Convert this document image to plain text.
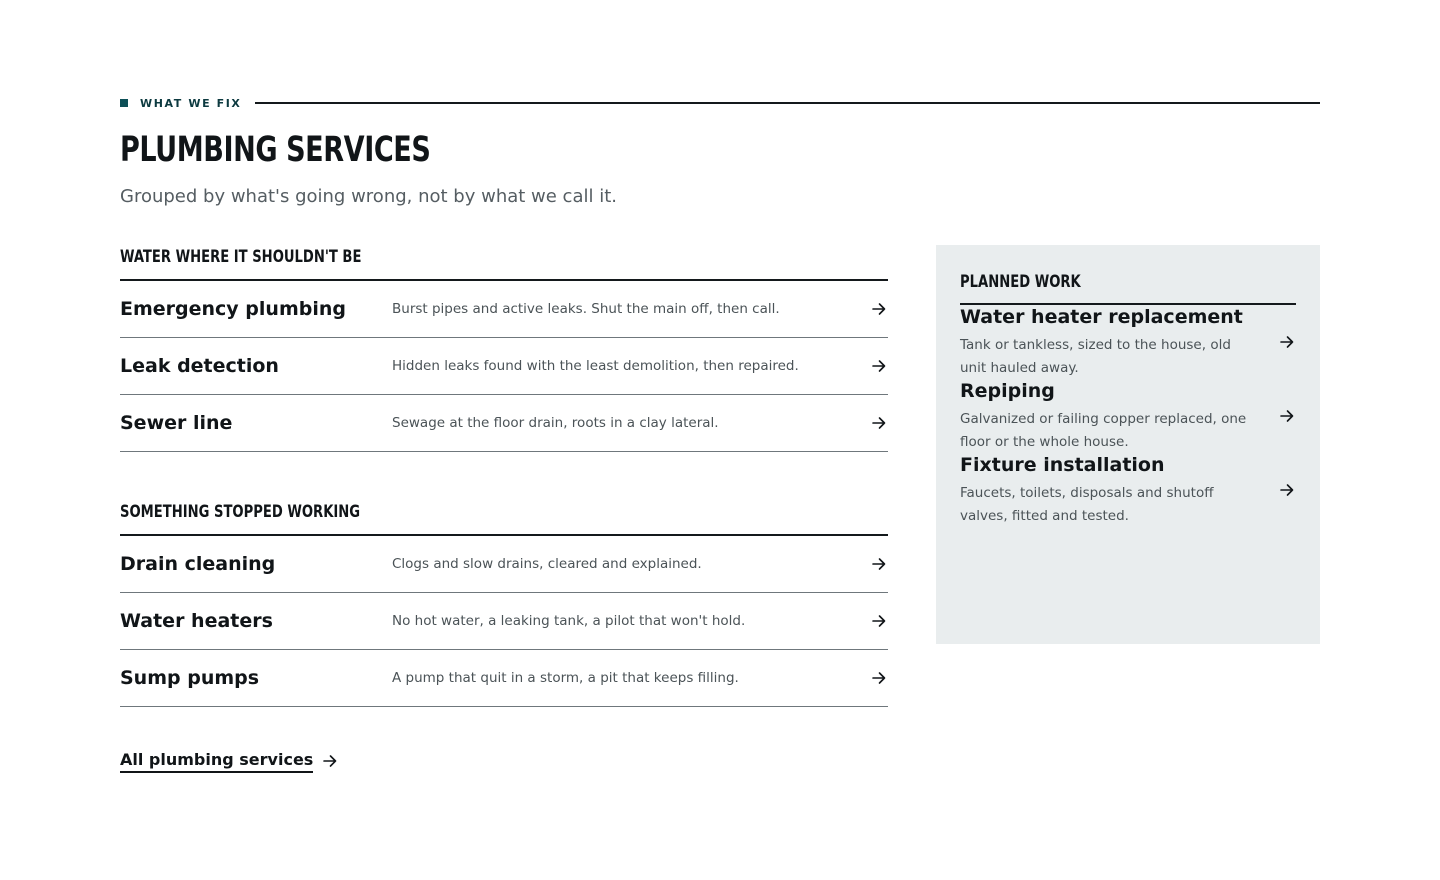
WHAT WE FIX
PLUMBING SERVICES

Grouped by what's going wrong, not by what we call it.

WATER WHERE IT SHOULDN'T BE
Emergency plumbing	Burst pipes and active leaks. Shut the main off, then call.
Leak detection	Hidden leaks found with the least demolition, then repaired.
Sewer line	Sewage at the floor drain, roots in a clay lateral.
SOMETHING STOPPED WORKING
Drain cleaning	Clogs and slow drains, cleared and explained.
Water heaters	No hot water, a leaking tank, a pilot that won't hold.
Sump pumps	A pump that quit in a storm, a pit that keeps filling.
PLANNED WORK
Water heater replacement
Tank or tankless, sized to the house, old unit hauled away.
Repiping
Galvanized or failing copper replaced, one floor or the whole house.
Fixture installation
Faucets, toilets, disposals and shutoff valves, fitted and tested.
All plumbing services
